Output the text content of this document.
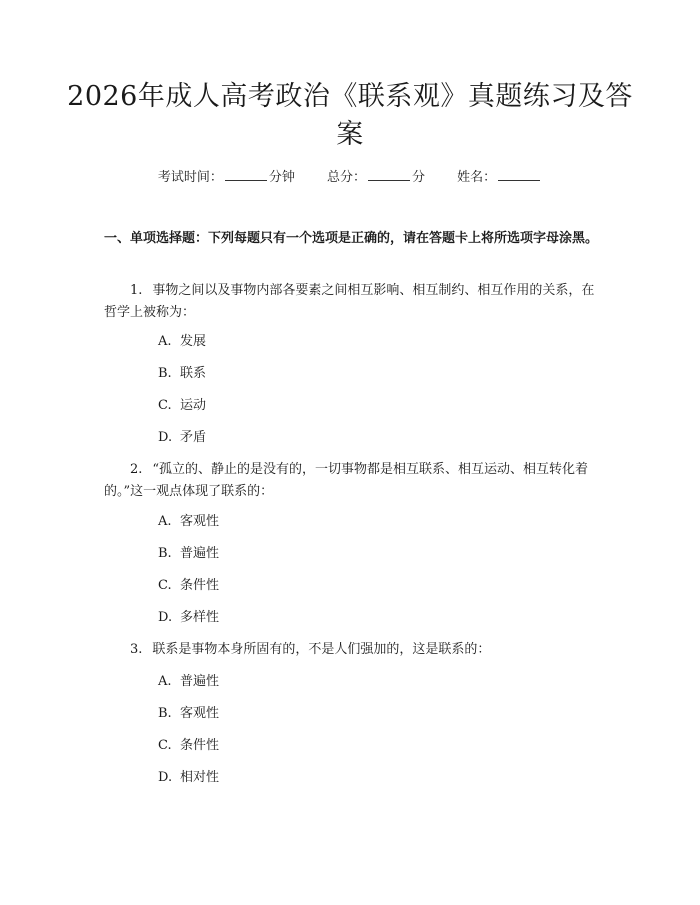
2026年成人高考政治《联系观》真题练习及答案
考试时间：	分钟 总分：	分 姓名：
一、单项选择题：下列每题只有一个选项是正确的，请在答题卡上将所选项字母涂黑。
1. 事物之间以及事物内部各要素之间相互影响、相互制约、相互作用的关系，在哲学上被称为：
A. 发展
B. 联系
C. 运动
D. 矛盾
2. “孤立的、静止的是没有的，一切事物都是相互联系、相互运动、相互转化着的。”这一观点体现了联系的：
A. 客观性
B. 普遍性
C. 条件性
D. 多样性
3. 联系是事物本身所固有的，不是人们强加的，这是联系的：
A. 普遍性
B. 客观性
C. 条件性
D. 相对性
